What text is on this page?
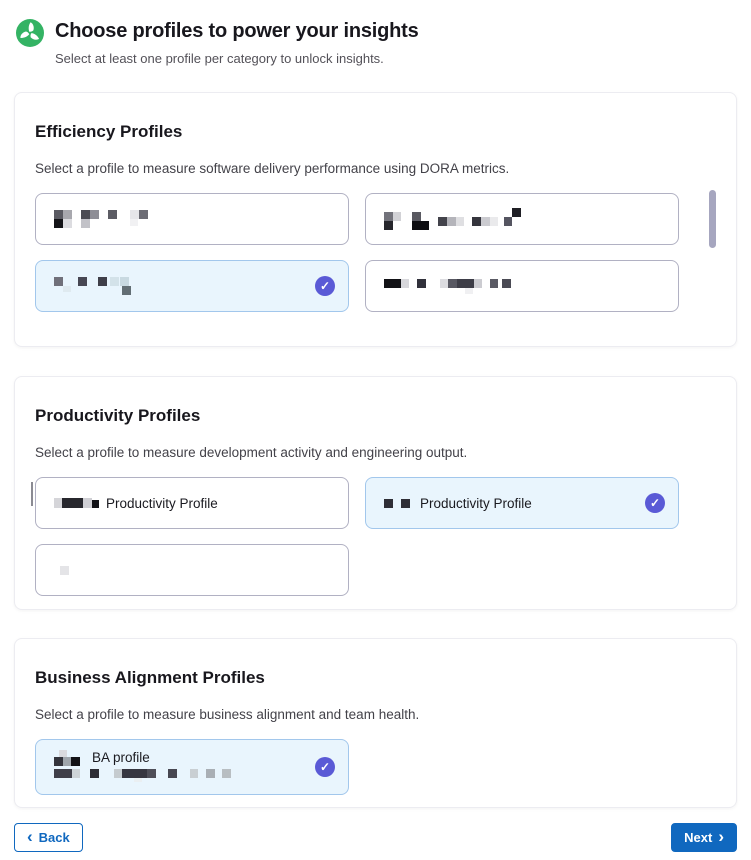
Choose profiles to power your insights

Select at least one profile per category to unlock insights.

Efficiency Profiles

Select a profile to measure software delivery performance using DORA metrics.

✓
Productivity Profiles

Select a profile to measure development activity and engineering output.

Productivity Profile	Productivity Profile	✓
Business Alignment Profiles

Select a profile to measure business alignment and team health.

BA profile
✓
‹ Back	Next ›
